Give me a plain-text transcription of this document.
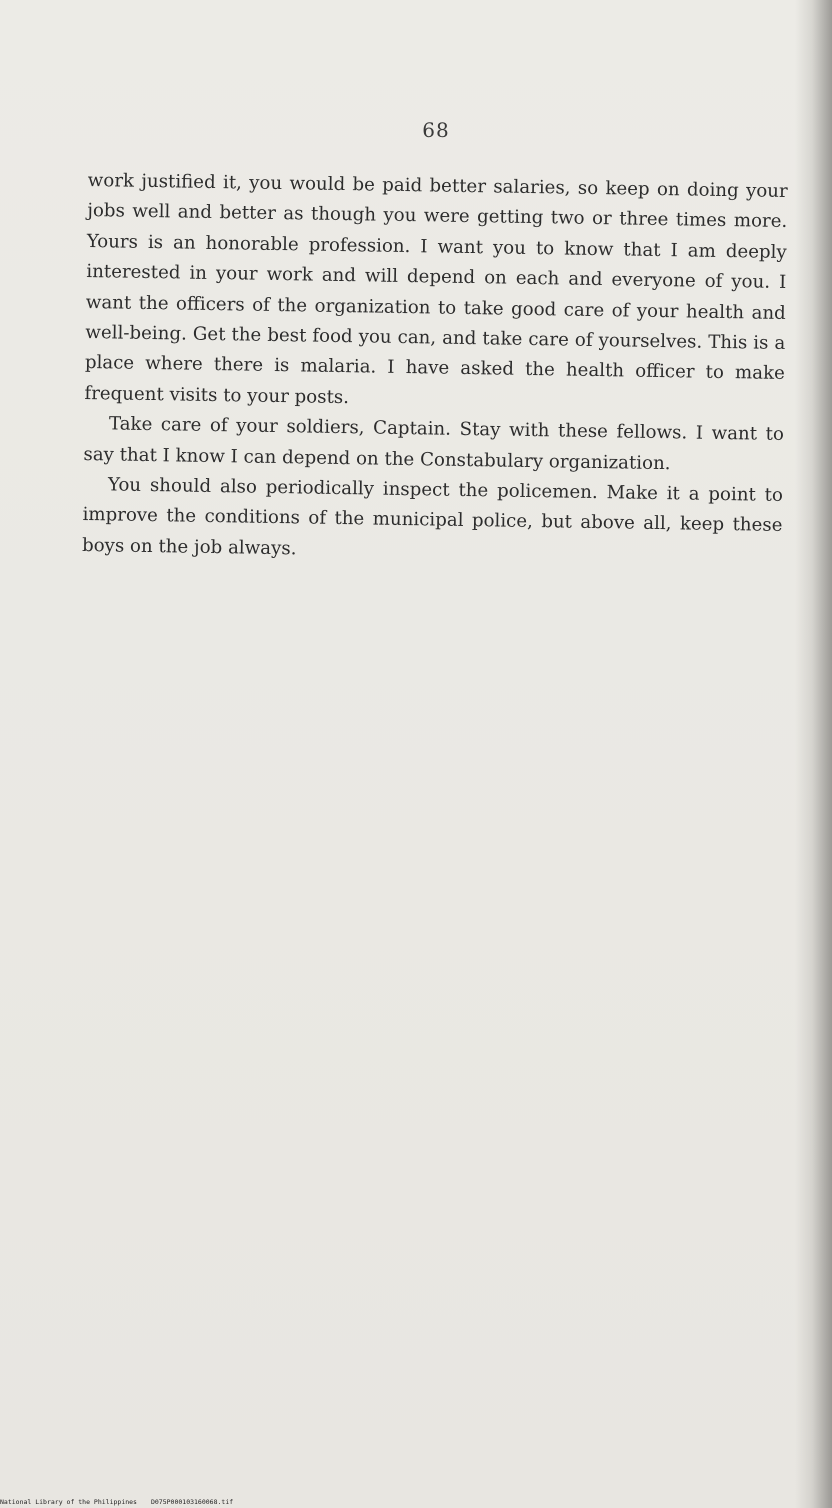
68

work justified it, you would be paid better salaries, so keep on doing your jobs well and better as though you were getting two or three times more. Yours is an honorable profession. I want you to know that I am deeply interested in your work and will depend on each and everyone of you. I want the officers of the organization to take good care of your health and well-being. Get the best food you can, and take care of yourselves. This is a place where there is malaria. I have asked the health officer to make frequent visits to your posts.

Take care of your soldiers, Captain. Stay with these fellows. I want to say that I know I can depend on the Constabulary organization.

You should also periodically inspect the policemen. Make it a point to improve the conditions of the municipal police, but above all, keep these boys on the job always.

National Library of the Philippines D075P000103160068.tif
